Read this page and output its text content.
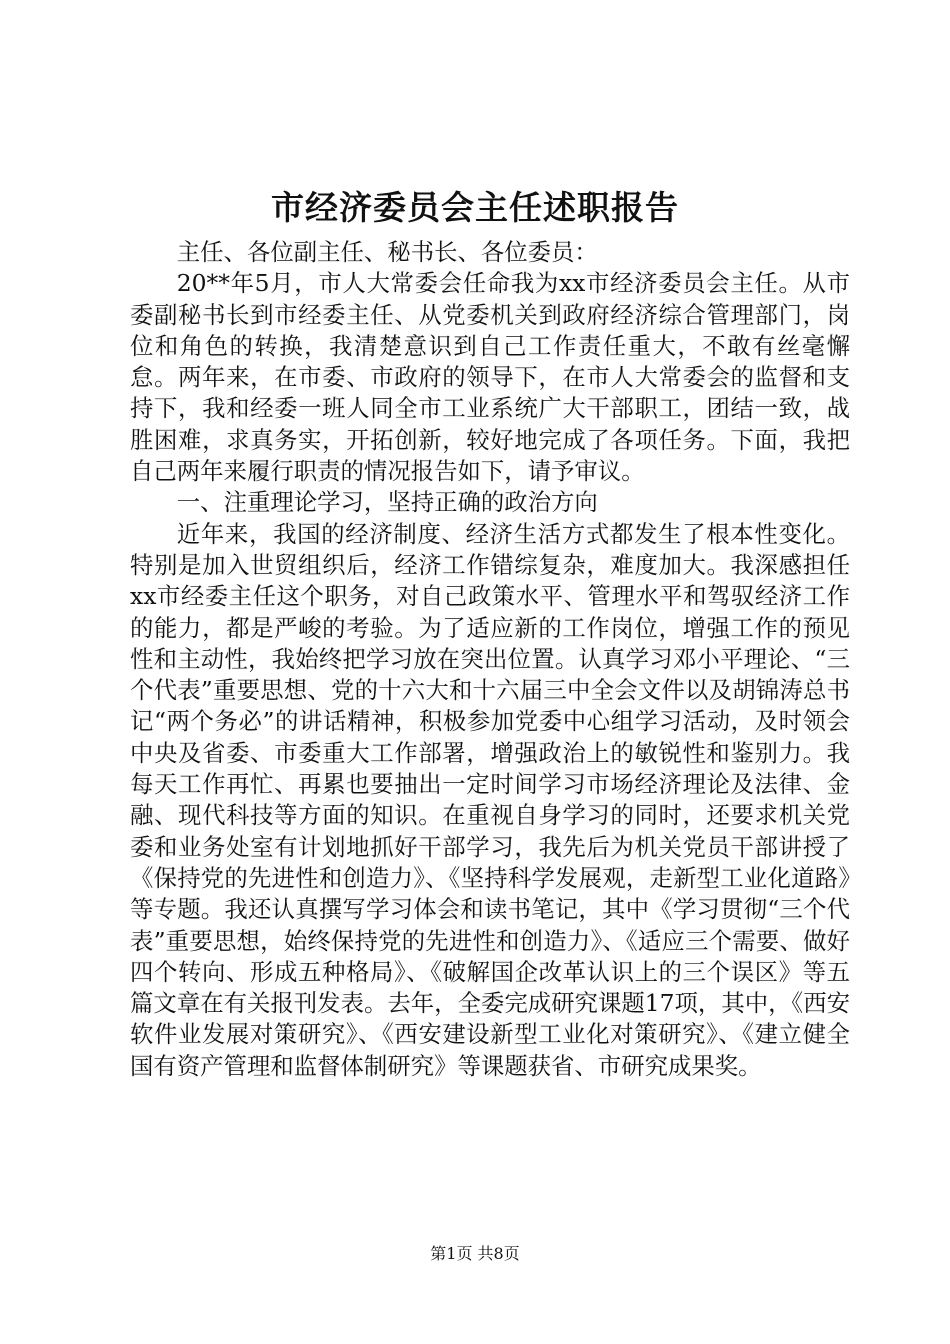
市经济委员会主任述职报告

主任、各位副主任、秘书长、各位委员：

20**年5月，市人大常委会任命我为xx市经济委员会主任。从市委副秘书长到市经委主任、从党委机关到政府经济综合管理部门，岗位和角色的转换，我清楚意识到自己工作责任重大，不敢有丝毫懈怠。两年来，在市委、市政府的领导下，在市人大常委会的监督和支持下，我和经委一班人同全市工业系统广大干部职工，团结一致，战胜困难，求真务实，开拓创新，较好地完成了各项任务。下面，我把自己两年来履行职责的情况报告如下，请予审议。

一、注重理论学习，坚持正确的政治方向

近年来，我国的经济制度、经济生活方式都发生了根本性变化。特别是加入世贸组织后，经济工作错综复杂，难度加大。我深感担任xx市经委主任这个职务，对自己政策水平、管理水平和驾驭经济工作的能力，都是严峻的考验。为了适应新的工作岗位，增强工作的预见性和主动性，我始终把学习放在突出位置。认真学习邓小平理论、“三个代表”重要思想、党的十六大和十六届三中全会文件以及胡锦涛总书记“两个务必”的讲话精神，积极参加党委中心组学习活动，及时领会中央及省委、市委重大工作部署，增强政治上的敏锐性和鉴别力。我每天工作再忙、再累也要抽出一定时间学习市场经济理论及法律、金融、现代科技等方面的知识。在重视自身学习的同时，还要求机关党委和业务处室有计划地抓好干部学习，我先后为机关党员干部讲授了《保持党的先进性和创造力》、《坚持科学发展观，走新型工业化道路》等专题。我还认真撰写学习体会和读书笔记，其中《学习贯彻“三个代表”重要思想，始终保持党的先进性和创造力》、《适应三个需要、做好四个转向、形成五种格局》、《破解国企改革认识上的三个误区》等五篇文章在有关报刊发表。去年，全委完成研究课题17项，其中，《西安软件业发展对策研究》、《西安建设新型工业化对策研究》、《建立健全国有资产管理和监督体制研究》等课题获省、市研究成果奖。

第1页 共8页
